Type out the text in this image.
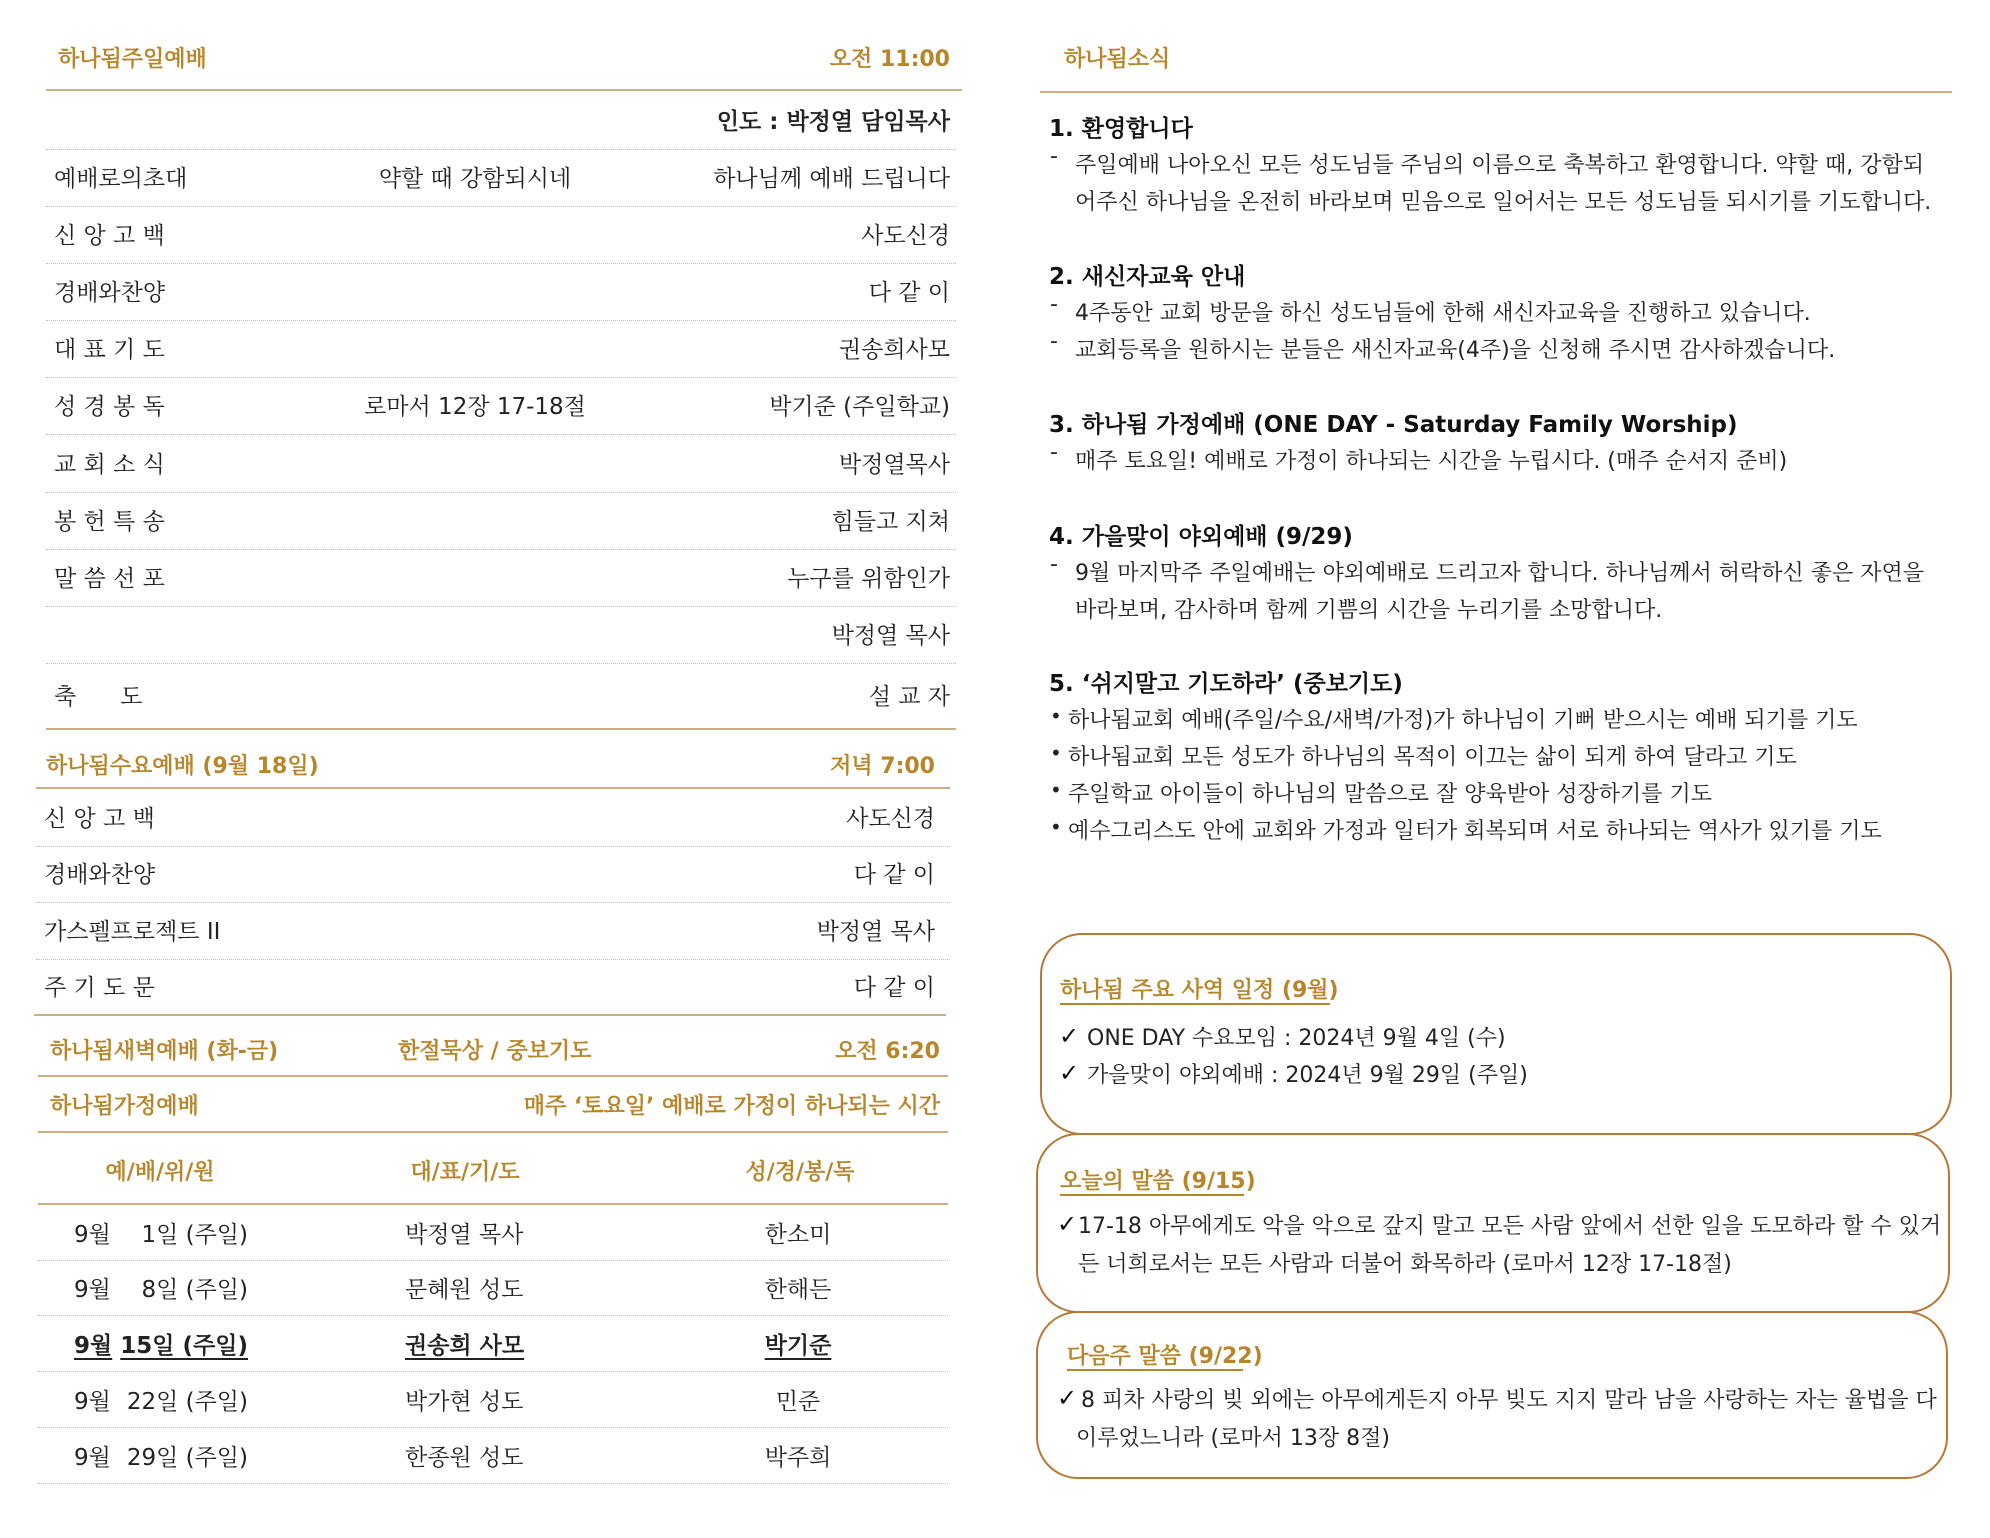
하나됨주일예배	오전 11:00
인도 : 박정열 담임목사
예배로의초대	약할 때 강함되시네	하나님께 예배 드립니다
신 앙 고 백	사도신경
경배와찬양	다 같 이
대 표 기 도	권송희사모
성 경 봉 독	로마서 12장 17-18절	박기준 (주일학교)
교 회 소 식	박정열목사
봉 헌 특 송	힘들고 지쳐
말 씀 선 포	누구를 위함인가
박정열 목사
축      도	설 교 자
하나됨수요예배 (9월 18일)	저녁 7:00
신 앙 고 백	사도신경
경배와찬양	다 같 이
가스펠프로젝트 II	박정열 목사
주 기 도 문	다 같 이
하나됨새벽예배 (화-금)	한절묵상 / 중보기도	오전 6:20
하나됨가정예배	매주 ‘토요일’ 예배로 가정이 하나되는 시간
예/배/위/원	대/표/기/도	성/경/봉/독
9월 1일 (주일)	박정열 목사	한소미
9월 8일 (주일)	문혜원 성도	한해든
9월 15일 (주일)	권송희 사모	박기준
9월 22일 (주일)	박가현 성도	민준
9월 29일 (주일)	한종원 성도	박주희
하나됨소식
1. 환영합니다
- 주일예배 나아오신 모든 성도님들 주님의 이름으로 축복하고 환영합니다. 약할 때, 강함되
어주신 하나님을 온전히 바라보며 믿음으로 일어서는 모든 성도님들 되시기를 기도합니다.
2. 새신자교육 안내
- 4주동안 교회 방문을 하신 성도님들에 한해 새신자교육을 진행하고 있습니다.
- 교회등록을 원하시는 분들은 새신자교육(4주)을 신청해 주시면 감사하겠습니다.
3. 하나됨 가정예배 (ONE DAY - Saturday Family Worship)
- 매주 토요일! 예배로 가정이 하나되는 시간을 누립시다. (매주 순서지 준비)
4. 가을맞이 야외예배 (9/29)
- 9월 마지막주 주일예배는 야외예배로 드리고자 합니다. 하나님께서 허락하신 좋은 자연을
바라보며, 감사하며 함께 기쁨의 시간을 누리기를 소망합니다.
5. ‘쉬지말고 기도하라’ (중보기도)
• 하나됨교회 예배(주일/수요/새벽/가정)가 하나님이 기뻐 받으시는 예배 되기를 기도
• 하나됨교회 모든 성도가 하나님의 목적이 이끄는 삶이 되게 하여 달라고 기도
• 주일학교 아이들이 하나님의 말씀으로 잘 양육받아 성장하기를 기도
• 예수그리스도 안에 교회와 가정과 일터가 회복되며 서로 하나되는 역사가 있기를 기도
하나됨 주요 사역 일정 (9월)
✓ ONE DAY 수요모임 : 2024년 9월 4일 (수)
✓ 가을맞이 야외예배 : 2024년 9월 29일 (주일)
오늘의 말씀 (9/15)
✓ 17-18 아무에게도 악을 악으로 갚지 말고 모든 사람 앞에서 선한 일을 도모하라 할 수 있거
든 너희로서는 모든 사람과 더불어 화목하라 (로마서 12장 17-18절)
다음주 말씀 (9/22)
✓ 8 피차 사랑의 빚 외에는 아무에게든지 아무 빚도 지지 말라 남을 사랑하는 자는 율법을 다
이루었느니라 (로마서 13장 8절)
